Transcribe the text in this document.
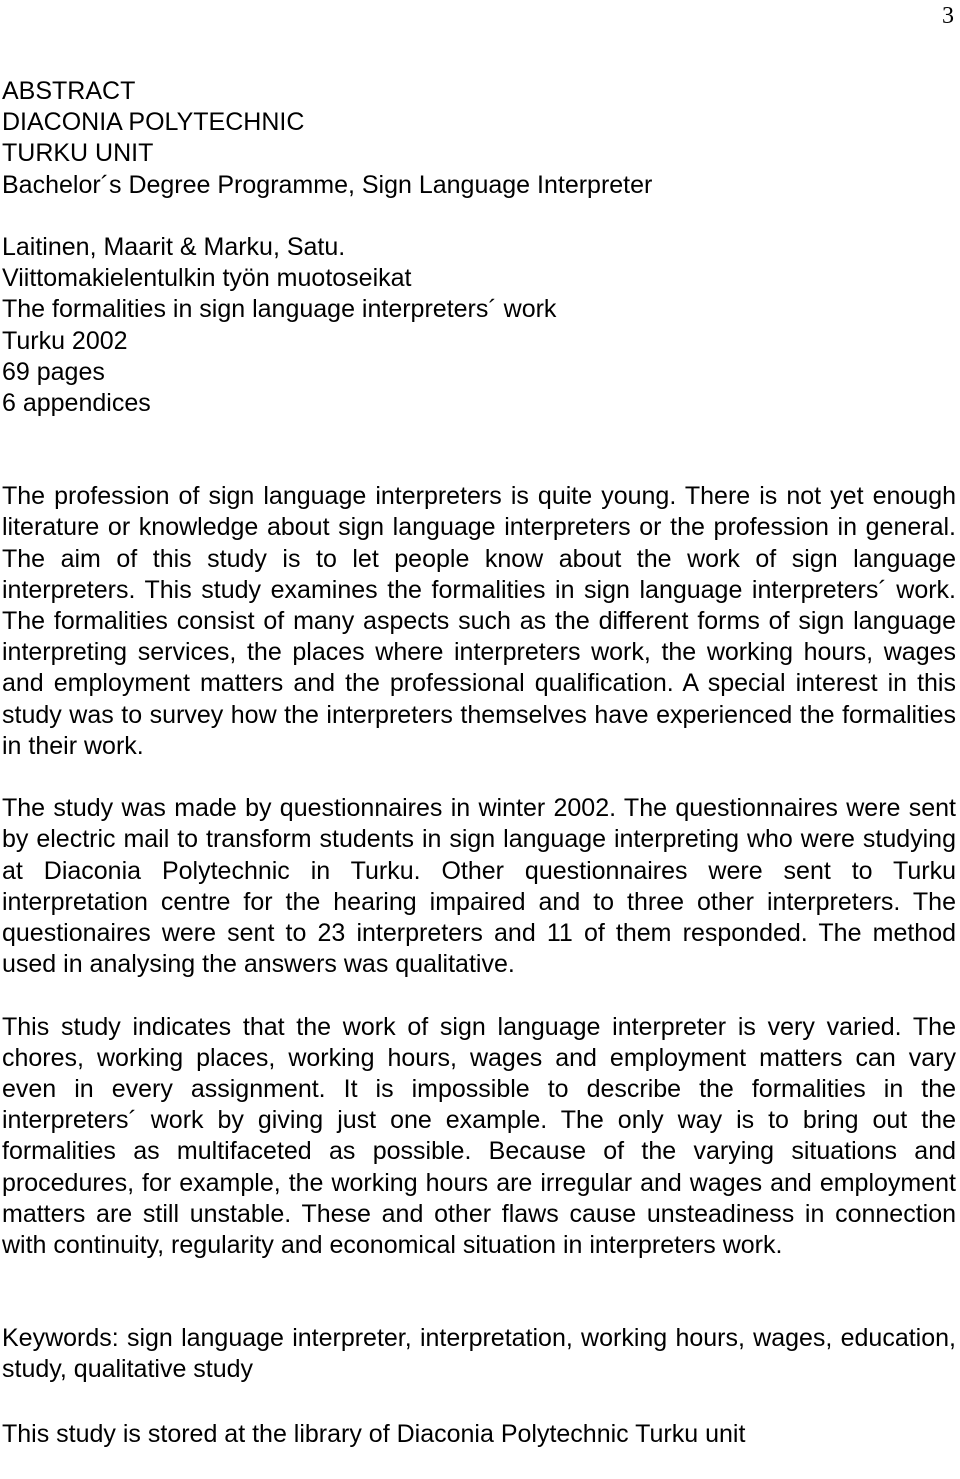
3
ABSTRACT
DIACONIA POLYTECHNIC
TURKU UNIT
Bachelor´s Degree Programme, Sign Language Interpreter
Laitinen, Maarit & Marku, Satu.
Viittomakielentulkin työn muotoseikat
The formalities in sign language interpreters´ work
Turku 2002
69 pages
6 appendices

The profession of sign language interpreters is quite young. There is not yet enough literature or knowledge about sign language interpreters or the profession in general. The aim of this study is to let people know about the work of sign language interpreters. This study examines the formalities in sign language interpreters´ work. The formalities consist of many aspects such as the different forms of sign language interpreting services, the places where interpreters work, the working hours, wages and employment matters and the professional qualification. A special interest in this study was to survey how the interpreters themselves have experienced the formalities in their work.

The study was made by questionnaires in winter 2002. The questionnaires were sent by electric mail to transform students in sign language interpreting who were studying at Diaconia Polytechnic in Turku. Other questionnaires were sent to Turku interpretation centre for the hearing impaired and to three other interpreters. The questionaires were sent to 23 interpreters and 11 of them responded. The method used in analysing the answers was qualitative.

This study indicates that the work of sign language interpreter is very varied. The chores, working places, working hours, wages and employment matters can vary even in every assignment. It is impossible to describe the formalities in the interpreters´ work by giving just one example. The only way is to bring out the formalities as multifaceted as possible. Because of the varying situations and procedures, for example, the working hours are irregular and wages and employment matters are still unstable. These and other flaws cause unsteadiness in connection with continuity, regularity and economical situation in interpreters work.

Keywords: sign language interpreter, interpretation, working hours, wages, education, study, qualitative study

This study is stored at the library of Diaconia Polytechnic Turku unit
